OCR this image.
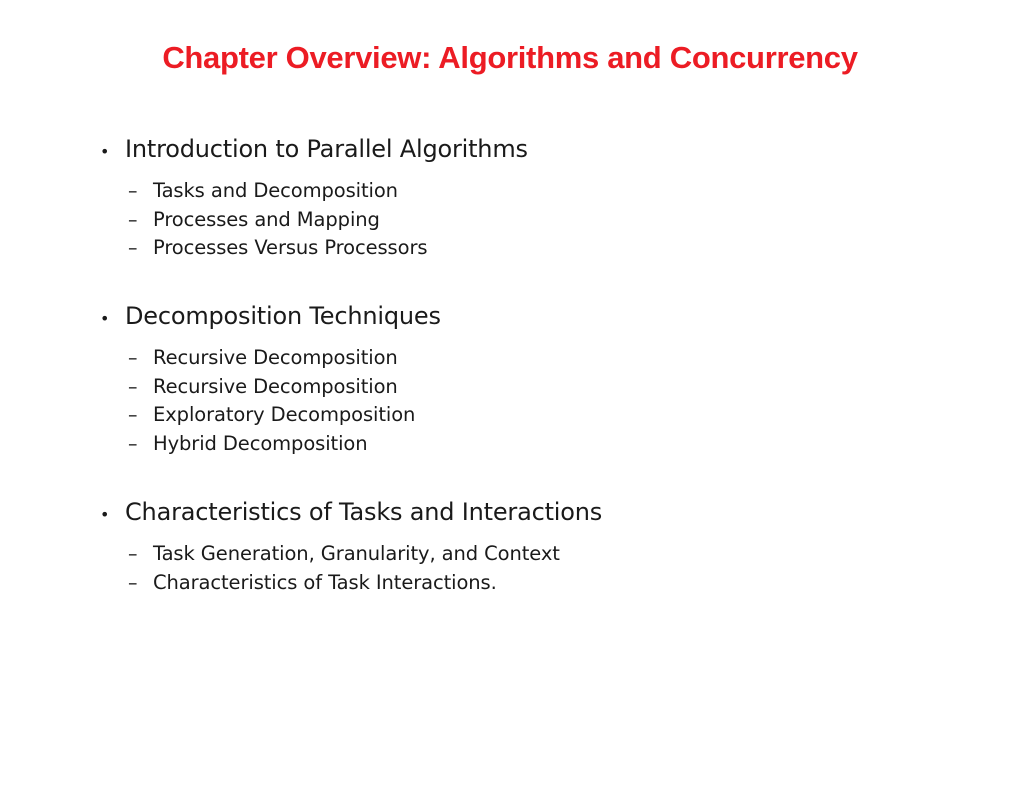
Chapter Overview: Algorithms and Concurrency
• Introduction to Parallel Algorithms
– Tasks and Decomposition
– Processes and Mapping
– Processes Versus Processors
• Decomposition Techniques
– Recursive Decomposition
– Recursive Decomposition
– Exploratory Decomposition
– Hybrid Decomposition
• Characteristics of Tasks and Interactions
– Task Generation, Granularity, and Context
– Characteristics of Task Interactions.
